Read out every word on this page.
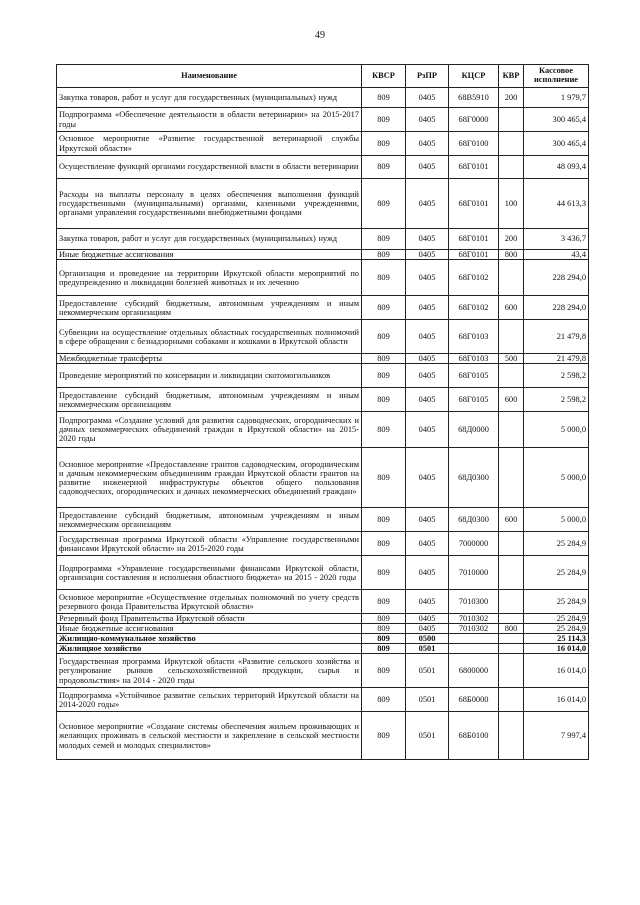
49
Наименование	КВСР	РзПР	КЦСР	КВР	Кассовое исполнение
Закупка товаров, работ и услуг для государственных (муниципальных) нужд	809	0405	68В5910	200	1 979,7
Подпрограмма «Обеспечение деятельности в области ветеринарии» на 2015-2017 годы	809	0405	68Г0000		300 465,4
Основное мероприятие «Развитие государственной ветеринарной службы Иркутской области»	809	0405	68Г0100		300 465,4
Осуществление функций органами государственной власти в области ветеринарии	809	0405	68Г0101		48 093,4
Расходы на выплаты персоналу в целях обеспечения выполнения функций государственными (муниципальными) органами, казенными учреждениями, органами управления государственными внебюджетными фондами	809	0405	68Г0101	100	44 613,3
Закупка товаров, работ и услуг для государственных (муниципальных) нужд	809	0405	68Г0101	200	3 436,7
Иные бюджетные ассигнования	809	0405	68Г0101	800	43,4
Организация и проведение на территории Иркутской области мероприятий по предупреждению и ликвидации болезней животных и их лечению	809	0405	68Г0102		228 294,0
Предоставление субсидий бюджетным, автономным учреждениям и иным некоммерческим организациям	809	0405	68Г0102	600	228 294,0
Субвенции на осуществление отдельных областных государственных полномочий в сфере обращения с безнадзорными собаками и кошками в Иркутской области	809	0405	68Г0103		21 479,8
Межбюджетные трансферты	809	0405	68Г0103	500	21 479,8
Проведение мероприятий по консервации и ликвидации скотомогильников	809	0405	68Г0105		2 598,2
Предоставление субсидий бюджетным, автономным учреждениям и иным некоммерческим организациям	809	0405	68Г0105	600	2 598,2
Подпрограмма «Создание условий для развития садоводческих, огороднических и дачных некоммерческих объединений граждан в Иркутской области» на 2015-2020 годы	809	0405	68Д0000		5 000,0
Основное мероприятие «Предоставление грантов садоводческим, огородническим и дачным некоммерческим объединениям граждан Иркутской области грантов на развитие инженерной инфраструктуры объектов общего пользования садоводческих, огороднических и дачных некоммерческих объединений граждан»	809	0405	68Д0300		5 000,0
Предоставление субсидий бюджетным, автономным учреждениям и иным некоммерческим организациям	809	0405	68Д0300	600	5 000,0
Государственная программа Иркутской области «Управление государственными финансами Иркутской области» на 2015-2020 годы	809	0405	7000000		25 284,9
Подпрограмма «Управление государственными финансами Иркутской области, организация составления и исполнения областного бюджета» на 2015 - 2020 годы	809	0405	7010000		25 284,9
Основное мероприятие «Осуществление отдельных полномочий по учету средств резервного фонда Правительства Иркутской области»	809	0405	7010300		25 284,9
Резервный фонд Правительства Иркутской области	809	0405	7010302		25 284,9
Иные бюджетные ассигнования	809	0405	7010302	800	25 284,9
Жилищно-коммунальное хозяйство	809	0500			25 114,3
Жилищное хозяйство	809	0501			16 014,0
Государственная программа Иркутской области «Развитие сельского хозяйства и регулирование рынков сельскохозяйственной продукции, сырья и продовольствия» на 2014 - 2020 годы	809	0501	6800000		16 014,0
Подпрограмма «Устойчивое развитие сельских территорий Иркутской области на 2014-2020 годы»	809	0501	68Б0000		16 014,0
Основное мероприятие «Создание системы обеспечения жильем проживающих и желающих проживать в сельской местности и закрепление в сельской местности молодых семей и молодых специалистов»	809	0501	68Б0100		7 997,4
